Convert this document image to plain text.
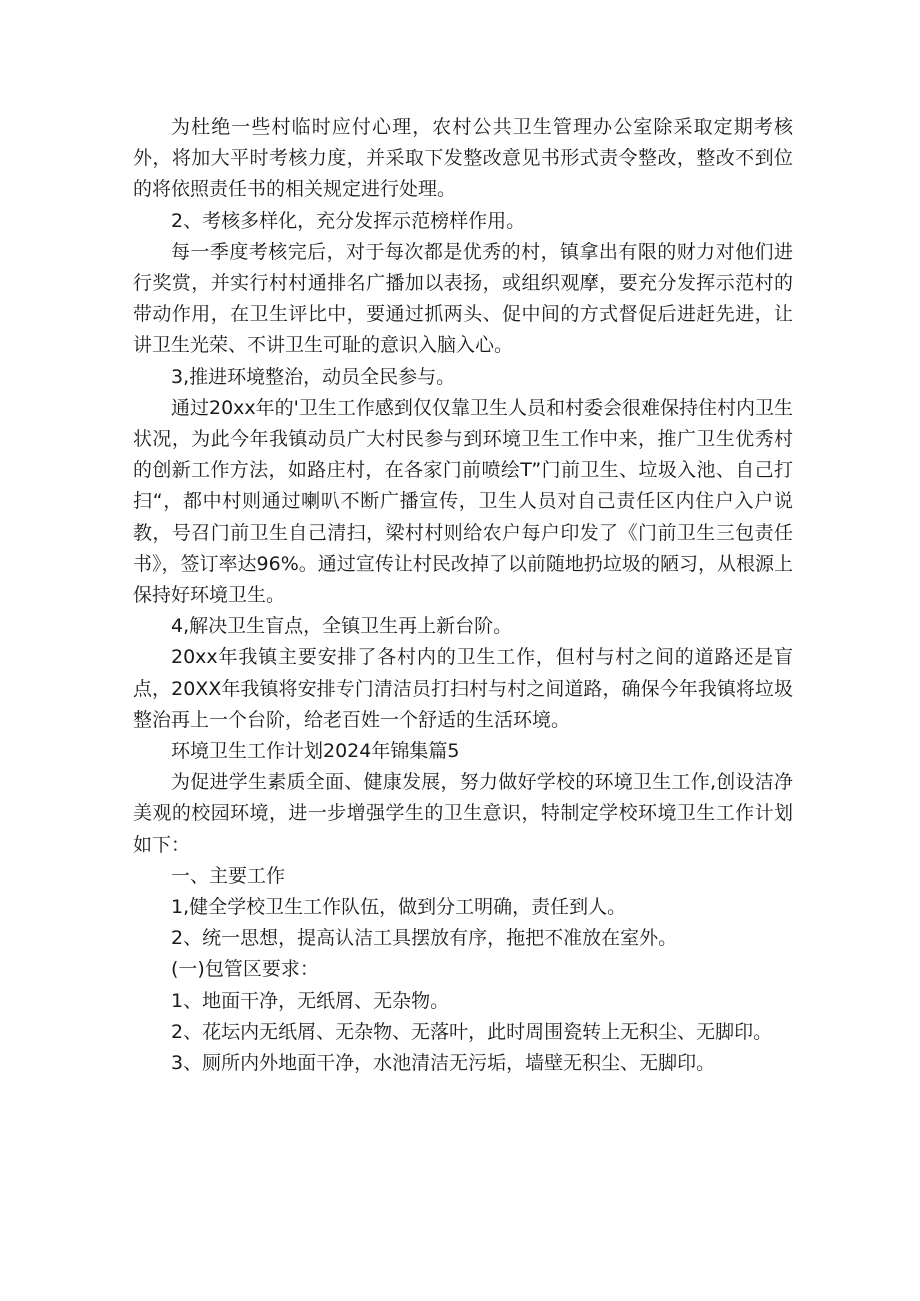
为杜绝一些村临时应付心理，农村公共卫生管理办公室除采取定期考核外，将加大平时考核力度，并采取下发整改意见书形式责令整改，整改不到位的将依照责任书的相关规定进行处理。

2、考核多样化，充分发挥示范榜样作用。

每一季度考核完后，对于每次都是优秀的村，镇拿出有限的财力对他们进行奖赏，并实行村村通排名广播加以表扬，或组织观摩，要充分发挥示范村的带动作用，在卫生评比中，要通过抓两头、促中间的方式督促后进赶先进，让讲卫生光荣、不讲卫生可耻的意识入脑入心。

3,推进环境整治，动员全民参与。

通过20xx年的'卫生工作感到仅仅靠卫生人员和村委会很难保持住村内卫生状况，为此今年我镇动员广大村民参与到环境卫生工作中来，推广卫生优秀村的创新工作方法，如路庄村，在各家门前喷绘T”门前卫生、垃圾入池、自己打扫“，都中村则通过喇叭不断广播宣传，卫生人员对自己责任区内住户入户说教，号召门前卫生自己清扫，梁村村则给农户每户印发了《门前卫生三包责任书》，签订率达96%。通过宣传让村民改掉了以前随地扔垃圾的陋习，从根源上保持好环境卫生。

4,解决卫生盲点，全镇卫生再上新台阶。

20xx年我镇主要安排了各村内的卫生工作，但村与村之间的道路还是盲点，20XX年我镇将安排专门清洁员打扫村与村之间道路，确保今年我镇将垃圾整治再上一个台阶，给老百姓一个舒适的生活环境。

环境卫生工作计划2024年锦集篇5

为促进学生素质全面、健康发展，努力做好学校的环境卫生工作,创设洁净美观的校园环境，进一步增强学生的卫生意识，特制定学校环境卫生工作计划如下：

一、主要工作

1,健全学校卫生工作队伍，做到分工明确，责任到人。

2、统一思想，提高认洁工具摆放有序，拖把不准放在室外。

(一)包管区要求：

1、地面干净，无纸屑、无杂物。

2、花坛内无纸屑、无杂物、无落叶，此时周围瓷转上无积尘、无脚印。

3、厕所内外地面干净，水池清洁无污垢，墙壁无积尘、无脚印。
